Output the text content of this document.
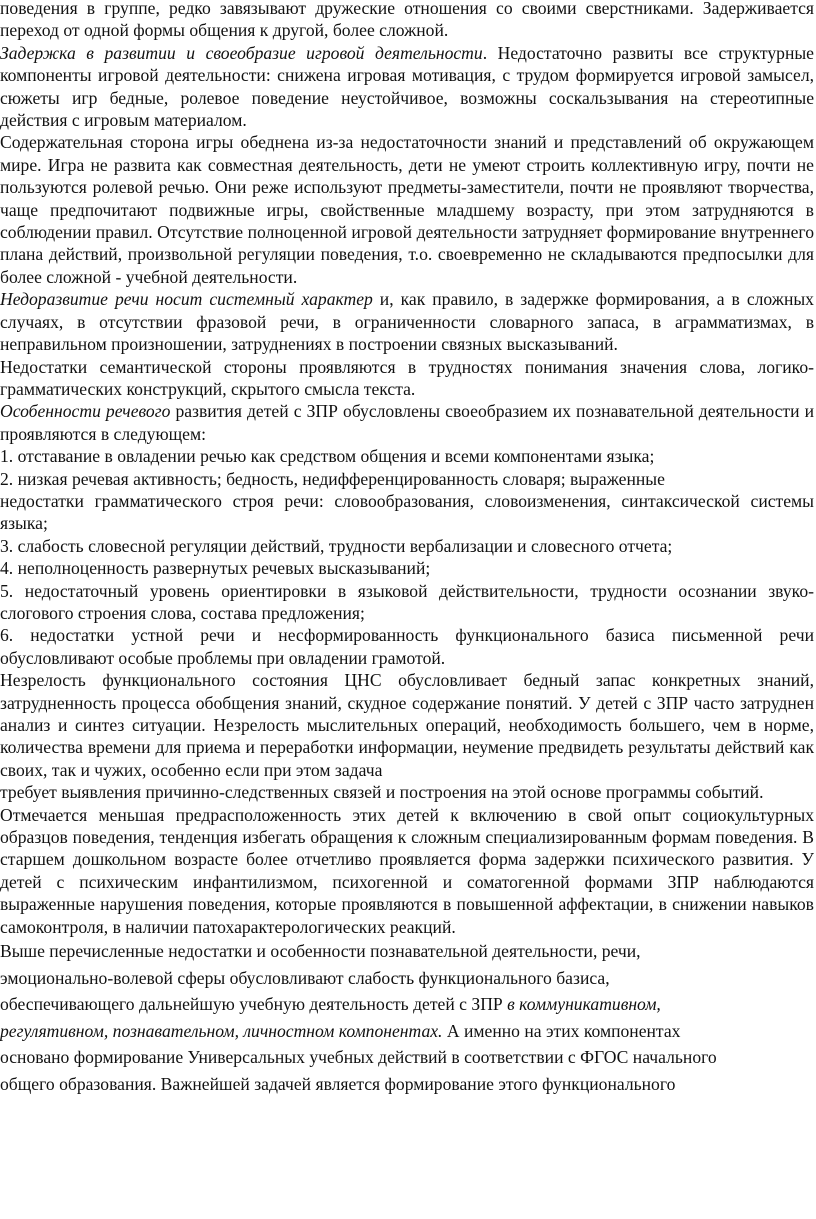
поведения в группе, редко завязывают дружеские отношения со своими сверстниками. Задерживается переход от одной формы общения к другой, более сложной.

Задержка в развитии и своеобразие игровой деятельности. Недостаточно развиты все структурные компоненты игровой деятельности: снижена игровая мотивация, с трудом формируется игровой замысел, сюжеты игр бедные, ролевое поведение неустойчивое, возможны соскальзывания на стереотипные действия с игровым материалом.

Содержательная сторона игры обеднена из-за недостаточности знаний и представлений об окружающем мире. Игра не развита как совместная деятельность, дети не умеют строить коллективную игру, почти не пользуются ролевой речью. Они реже используют предметы-заместители, почти не проявляют творчества, чаще предпочитают подвижные игры, свойственные младшему возрасту, при этом затрудняются в соблюдении правил. Отсутствие полноценной игровой деятельности затрудняет формирование внутреннего плана действий, произвольной регуляции поведения, т.о. своевременно не складываются предпосылки для более сложной - учебной деятельности.

Недоразвитие речи носит системный характер и, как правило, в задержке формирования, а в сложных случаях, в отсутствии фразовой речи, в ограниченности словарного запаса, в аграмматизмах, в неправильном произношении, затруднениях в построении связных высказываний.

Недостатки семантической стороны проявляются в трудностях понимания значения слова, логико-грамматических конструкций, скрытого смысла текста.

Особенности речевого развития детей с ЗПР обусловлены своеобразием их познавательной деятельности и проявляются в следующем:

1. отставание в овладении речью как средством общения и всеми компонентами языка;

2. низкая речевая активность; бедность, недифференцированность словаря; выраженные

недостатки грамматического строя речи: словообразования, словоизменения, синтаксической системы языка;

3. слабость словесной регуляции действий, трудности вербализации и словесного отчета;

4. неполноценность развернутых речевых высказываний;

5. недостаточный уровень ориентировки в языковой действительности, трудности осознании звуко-слогового строения слова, состава предложения;

6. недостатки устной речи и несформированность функционального базиса письменной речи обусловливают особые проблемы при овладении грамотой.

Незрелость функционального состояния ЦНС обусловливает бедный запас конкретных знаний, затрудненность процесса обобщения знаний, скудное содержание понятий. У детей с ЗПР часто затруднен анализ и синтез ситуации. Незрелость мыслительных операций, необходимость большего, чем в норме, количества времени для приема и переработки информации, неумение предвидеть результаты действий как своих, так и чужих, особенно если при этом задача

требует выявления причинно-следственных связей и построения на этой основе программы событий.

Отмечается меньшая предрасположенность этих детей к включению в свой опыт социокультурных образцов поведения, тенденция избегать обращения к сложным специализированным формам поведения. В старшем дошкольном возрасте более отчетливо проявляется форма задержки психического развития. У детей с психическим инфантилизмом, психогенной и соматогенной формами ЗПР наблюдаются выраженные нарушения поведения, которые проявляются в повышенной аффектации, в снижении навыков самоконтроля, в наличии патохарактерологических реакций.

Выше перечисленные недостатки и особенности познавательной деятельности, речи,
эмоционально-волевой сферы обусловливают слабость функционального базиса,
обеспечивающего дальнейшую учебную деятельность детей с ЗПР в коммуникативном,
регулятивном, познавательном, личностном компонентах. А именно на этих компонентах
основано формирование Универсальных учебных действий в соответствии с ФГОС начального
общего образования. Важнейшей задачей является формирование этого функционального
